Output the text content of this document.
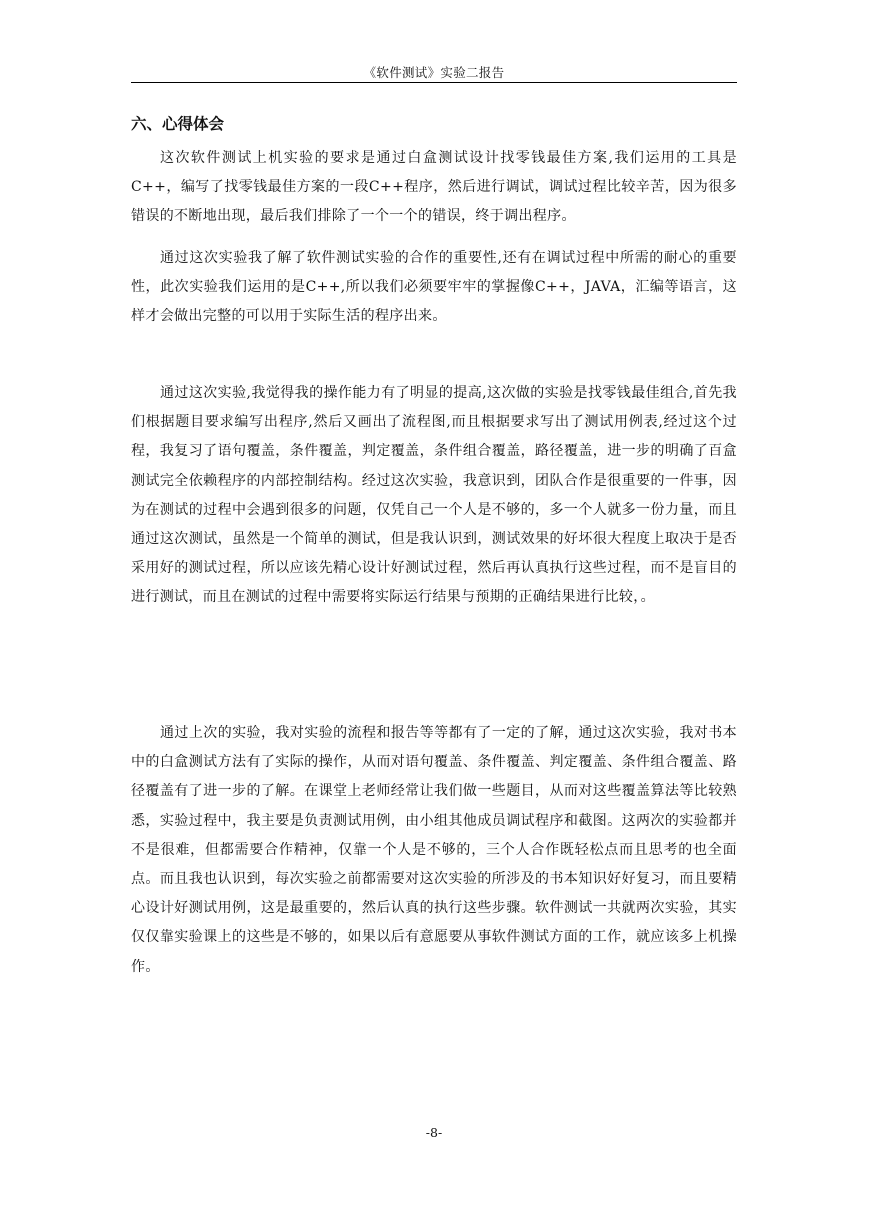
《软件测试》实验二报告
六、心得体会

这次软件测试上机实验的要求是通过白盒测试设计找零钱最佳方案,我们运用的工具是C++，编写了找零钱最佳方案的一段C++程序，然后进行调试，调试过程比较辛苦，因为很多错误的不断地出现，最后我们排除了一个一个的错误，终于调出程序。

通过这次实验我了解了软件测试实验的合作的重要性,还有在调试过程中所需的耐心的重要性，此次实验我们运用的是C++,所以我们必须要牢牢的掌握像C++，JAVA，汇编等语言，这样才会做出完整的可以用于实际生活的程序出来。

通过这次实验,我觉得我的操作能力有了明显的提高,这次做的实验是找零钱最佳组合,首先我们根据题目要求编写出程序,然后又画出了流程图,而且根据要求写出了测试用例表,经过这个过程，我复习了语句覆盖，条件覆盖，判定覆盖，条件组合覆盖，路径覆盖，进一步的明确了百盒测试完全依赖程序的内部控制结构。经过这次实验，我意识到，团队合作是很重要的一件事，因为在测试的过程中会遇到很多的问题，仅凭自己一个人是不够的，多一个人就多一份力量，而且通过这次测试，虽然是一个简单的测试，但是我认识到，测试效果的好坏很大程度上取决于是否采用好的测试过程，所以应该先精心设计好测试过程，然后再认真执行这些过程，而不是盲目的进行测试，而且在测试的过程中需要将实际运行结果与预期的正确结果进行比较，。

通过上次的实验，我对实验的流程和报告等等都有了一定的了解，通过这次实验，我对书本中的白盒测试方法有了实际的操作，从而对语句覆盖、条件覆盖、判定覆盖、条件组合覆盖、路径覆盖有了进一步的了解。在课堂上老师经常让我们做一些题目，从而对这些覆盖算法等比较熟悉，实验过程中，我主要是负责测试用例，由小组其他成员调试程序和截图。这两次的实验都并不是很难，但都需要合作精神，仅靠一个人是不够的，三个人合作既轻松点而且思考的也全面点。而且我也认识到，每次实验之前都需要对这次实验的所涉及的书本知识好好复习，而且要精心设计好测试用例，这是最重要的，然后认真的执行这些步骤。软件测试一共就两次实验，其实仅仅靠实验课上的这些是不够的，如果以后有意愿要从事软件测试方面的工作，就应该多上机操作。

-8-
